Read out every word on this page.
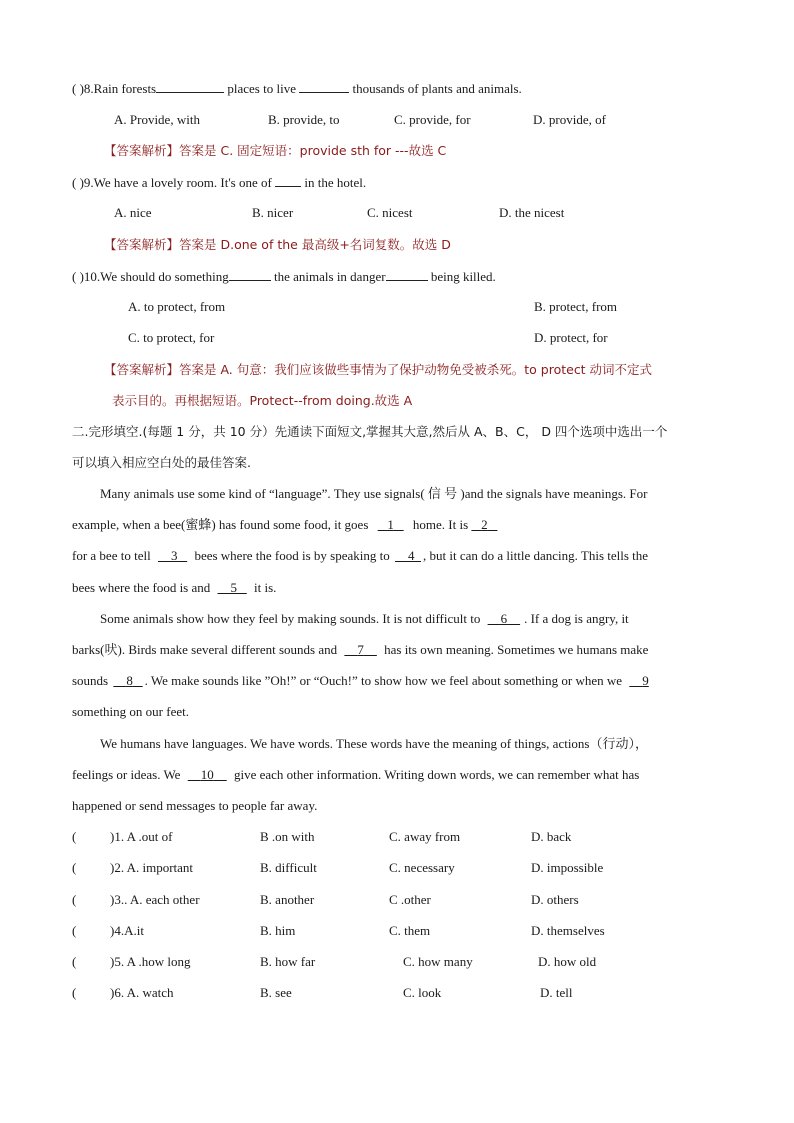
( )8.Rain forests	places to live	thousands of plants and animals.
A. Provide, with	B. provide, to	C. provide, for	D. provide, of
【答案解析】答案是 C. 固定短语：provide sth for ---故选 C
( )9.We have a lovely room. It's one of	in the hotel.
A. nice	B. nicer	C. nicest	D. the nicest
【答案解析】答案是 D.one of the 最高级+名词复数。故选 D
( )10.We should do something	the animals in danger	being killed.
A. to protect, from	B. protect, from
C. to protect, for	D. protect, for
【答案解析】答案是 A. 句意：我们应该做些事情为了保护动物免受被杀死。to protect 动词不定式
表示目的。再根据短语。Protect--from doing.故选 A
二.完形填空.(每题 1 分，共 10 分）先通读下面短文,掌握其大意,然后从 A、B、C， D 四个选项中选出一个
可以填入相应空白处的最佳答案.
Many animals use some kind of “language”. They use signals( 信 号 )and the signals have meanings. For
example, when a bee(蜜蜂) has found some food, it goes 1 home. It is 2
for a bee to tell 3 bees where the food is by speaking to 4 , but it can do a little dancing. This tells the
bees where the food is and 5 it is.
Some animals show how they feel by making sounds. It is not difficult to 6 . If a dog is angry, it
barks(吠). Birds make several different sounds and 7 has its own meaning. Sometimes we humans make
sounds 8 . We make sounds like ”Oh!” or “Ouch!” to show how we feel about something or when we 9
something on our feet.
We humans have languages. We have words. These words have the meaning of things, actions（行动），
feelings or ideas. We 10 give each other information. Writing down words, we can remember what has
happened or send messages to people far away.
(	)1. A .out of	B .on with	C. away from	D. back
(	)2. A. important	B. difficult	C. necessary	D. impossible
(	)3.. A. each other	B. another	C .other	D. others
(	)4.A.it	B. him	C. them	D. themselves
(	)5. A .how long	B. how far	C. how many	D. how old
(	)6. A. watch	B. see	C. look	D. tell
